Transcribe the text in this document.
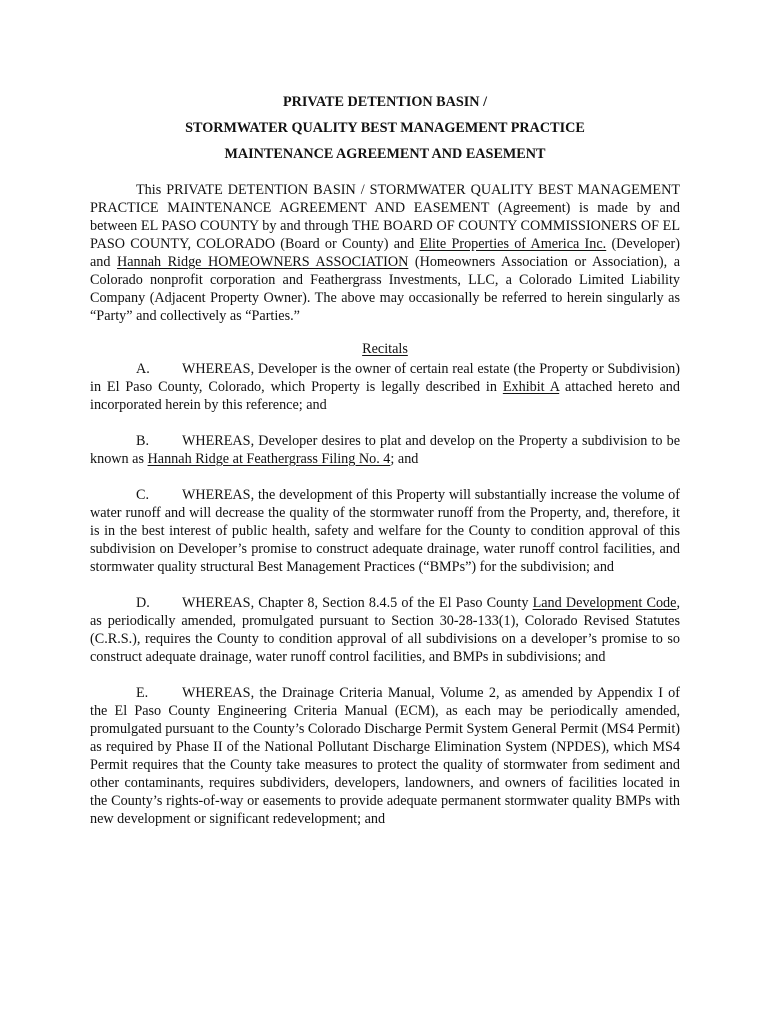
PRIVATE DETENTION BASIN /
STORMWATER QUALITY BEST MANAGEMENT PRACTICE
MAINTENANCE AGREEMENT AND EASEMENT

This PRIVATE DETENTION BASIN / STORMWATER QUALITY BEST MANAGEMENT PRACTICE MAINTENANCE AGREEMENT AND EASEMENT (Agreement) is made by and between EL PASO COUNTY by and through THE BOARD OF COUNTY COMMISSIONERS OF EL PASO COUNTY, COLORADO (Board or County) and Elite Properties of America Inc. (Developer) and Hannah Ridge HOMEOWNERS ASSOCIATION (Homeowners Association or Association), a Colorado nonprofit corporation and Feathergrass Investments, LLC, a Colorado Limited Liability Company (Adjacent Property Owner). The above may occasionally be referred to herein singularly as “Party” and collectively as “Parties.”

Recitals

A. WHEREAS, Developer is the owner of certain real estate (the Property or Subdivision) in El Paso County, Colorado, which Property is legally described in Exhibit A attached hereto and incorporated herein by this reference; and

B. WHEREAS, Developer desires to plat and develop on the Property a subdivision to be known as Hannah Ridge at Feathergrass Filing No. 4; and

C. WHEREAS, the development of this Property will substantially increase the volume of water runoff and will decrease the quality of the stormwater runoff from the Property, and, therefore, it is in the best interest of public health, safety and welfare for the County to condition approval of this subdivision on Developer’s promise to construct adequate drainage, water runoff control facilities, and stormwater quality structural Best Management Practices (“BMPs”) for the subdivision; and

D. WHEREAS, Chapter 8, Section 8.4.5 of the El Paso County Land Development Code, as periodically amended, promulgated pursuant to Section 30-28-133(1), Colorado Revised Statutes (C.R.S.), requires the County to condition approval of all subdivisions on a developer’s promise to so construct adequate drainage, water runoff control facilities, and BMPs in subdivisions; and

E. WHEREAS, the Drainage Criteria Manual, Volume 2, as amended by Appendix I of the El Paso County Engineering Criteria Manual (ECM), as each may be periodically amended, promulgated pursuant to the County’s Colorado Discharge Permit System General Permit (MS4 Permit) as required by Phase II of the National Pollutant Discharge Elimination System (NPDES), which MS4 Permit requires that the County take measures to protect the quality of stormwater from sediment and other contaminants, requires subdividers, developers, landowners, and owners of facilities located in the County’s rights-of-way or easements to provide adequate permanent stormwater quality BMPs with new development or significant redevelopment; and
